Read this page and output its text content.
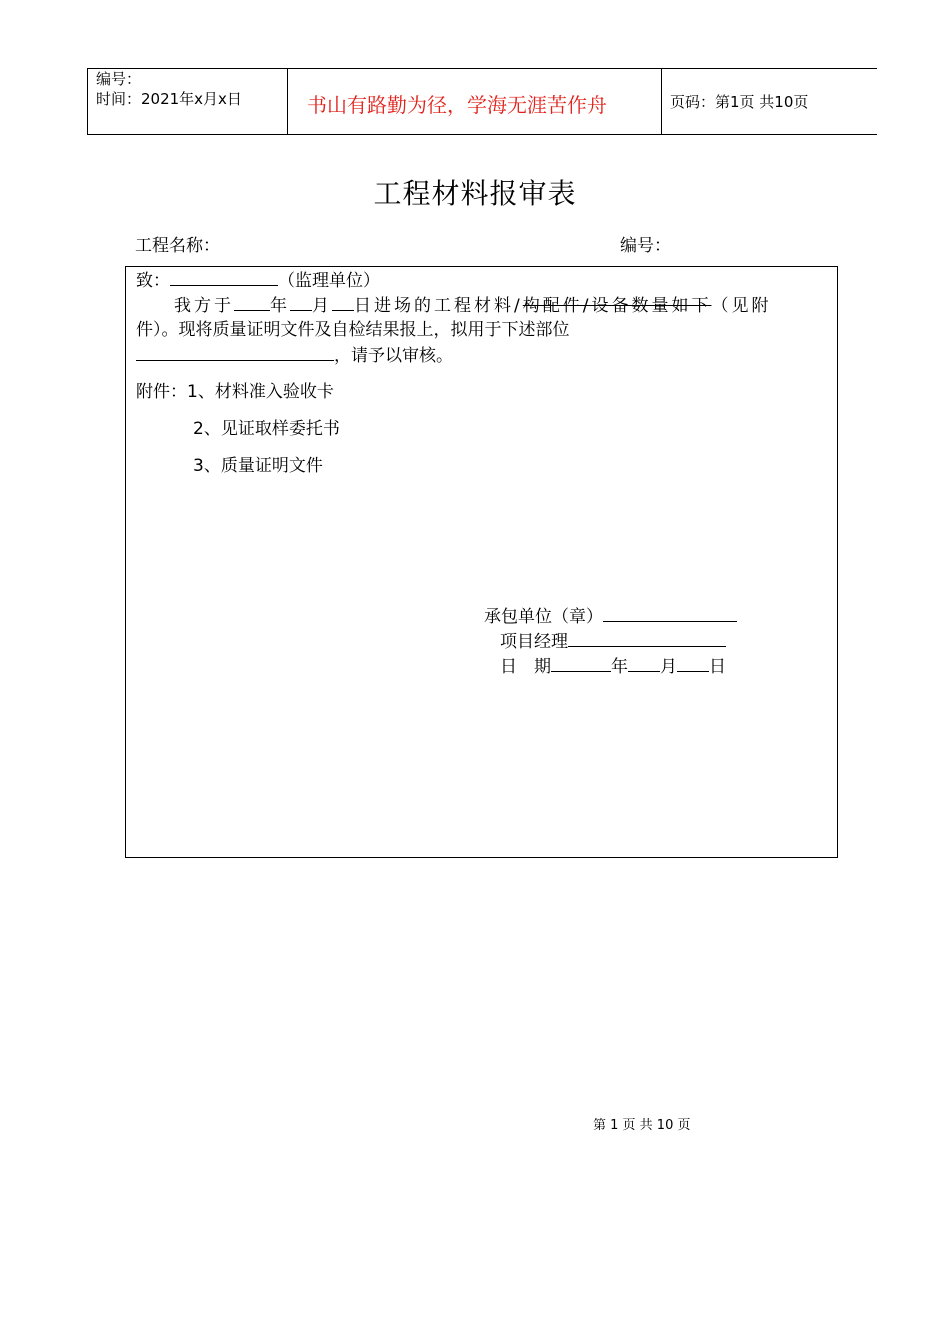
编号：
时间：2021年x月x日	书山有路勤为径，学海无涯苦作舟	页码：第1页 共10页
工程材料报审表
工程名称：	编号：
致：	（监理单位）
我方于 年 月 日进场的工程材料/构配件/设备数量如下（见附
件）。现将质量证明文件及自检结果报上，拟用于下述部位
，请予以审核。
附件：1、材料准入验收卡
2、见证取样委托书
3、质量证明文件
承包单位（章）
项目经理
日　期	年 月 日
第 1 页 共 10 页
